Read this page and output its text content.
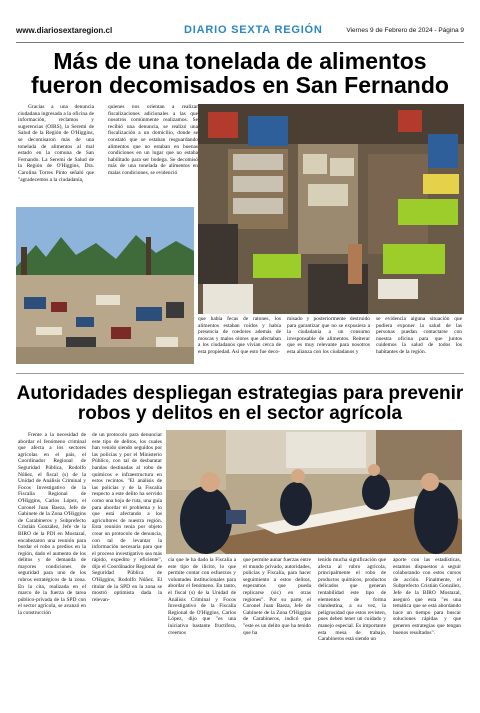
www.diariosextaregion.cl	DIARIO SEXTA REGIÓN	Viernes 9 de Febrero de 2024 - Página 9
Más de una tonelada de alimentos
fueron decomisados en San Fernando

Gracias a una denuncia ciudadana ingresada a la oficina de información, reclamos y sugerencias (OIRS), la Seremi de Salud de la Región de O'Higgins, se decomisaron más de una tonelada de alimentos al mal estado en la comuna de San Fernando. La Seremi de Salud de la Región de O'Higgins, Dra. Carolina Torres Pinto señaló que "agradecemos a la ciudadanía,

quienes nos orientan a realizar fiscalizaciones adicionales a las que nosotros comúnmente realizamos. Se recibió una denuncia, se realizó una fiscalización a un domicilio, donde se constató que se estaban resguardando alimentos que no estaban en buenas condiciones en un lugar que no estaba habilitado para ser bodega. Se decomisó más de una tonelada de alimentos en malas condiciones, se evidenció

que había fecas de ratones, los alimentos estaban roídos y había presencia de roedores además de moscas y malos olores que afectaban a los ciudadanos que vivían cerca de esta propiedad. Así que esto fue deco-

misado y posteriormente destruido para garantizar que no se expusiera a la ciudadanía a un consumo irresponsable de alimentos. Reiterar que es muy relevante para nosotros esta alianza con los ciudadanos y

se evidencia alguna situación que pudiera exponer la salud de las personas puedan contactarse con nuestra oficina para que juntos cuidemos la salud de todos los habitantes de la región.

Autoridades despliegan estrategias para prevenir
robos y delitos en el sector agrícola

Frente a la necesidad de abordar el fenómeno criminal que afecta a los sectores agrícolas en el país, el Coordinador Regional de Seguridad Pública, Rodolfo Núñez, el fiscal (s) de la Unidad de Análisis Criminal y Focos Investigativo de la Fiscalía Regional de O'Higgins, Carlos López, el Coronel Juan Baeza, Jefe de Gabinete de la Zona O'Higgins de Carabineros y Subprefecto Cristián González, Jefe de la BIRO de la PDI en Mostazal, encabezaron una reunión para bordar el robo a predios en la región, dado el aumento de los delitos y de demanda de mayores condiciones de seguridad para uno de los rubros estratégicos de la zona. En la cita, realizada en el marco de la fuerza de tarea público-privada de la SPD con el sector agrícola, se avanzó en la construcción

de un protocolo para denunciar este tipo de delitos, los cuales han venido siendo seguidos por las policías y por el Ministerio Público, con tal de desbaratar bandas destinadas al robo de químicos e infraestructura en estos recintos. "El análisis de las policías y de la Fiscalía respecto a este delito ha servido como una hoja de ruta, una guía para abordar el problema y lo que está afectando a los agricultores de nuestra región. Esta reunión tenía por objeto crear un protocolo de denuncia, con tal de levantar la información necesaria para que el proceso investigativo sea más rápido, expedito y eficiente", dijo el Coordinador Regional de Seguridad Pública de O'Higgins, Rodolfo Núñez. El titular de la SPD en la zona se mostró optimista dada la relevan-

cia que le ha dado la Fiscalía a este tipo de ilícito, lo que permite contar con esfuerzos y voluntades institucionales para abordar el fenómeno. En tanto, el fiscal (s) de la Unidad de Análisis Criminal y Focos Investigativo de la Fiscalía Regional de O'Higgins, Carlos López, dijo que "es una iniciativa bastante fructífera, creemos

que permite aunar fuerzas entre el mundo privado, autoridades, policías y Fiscalía, para hacer seguimiento a estos delitos, esperamos que pueda replicarse (sic) en otras regiones". Por su parte, el Coronel Juan Baeza, Jefe de Gabinete de la Zona O'Higgins de Carabineros, indicó que "este es un delito que ha tenido que ha

tenido mucha significación que afecta al rubro agrícola, principalmente el robo de productos químicos, productos delicados que generan rentabilidad este tipo de elementos de forma clandestina, a su vez, la peligrosidad que estos revisten, pues deben tener un cuidado y manejo especial. Es importante esta mesa de trabajo, Carabineros está siendo un

aporte con las estadísticas, estamos dispuestos a seguir colaborando con estos cursos de acción. Finalmente, el Subprefecto Cristián González, Jefe de la BIRO Mostazal, aseguró que esta "es una temática que se está abordando hace un tiempo para buscar soluciones rápidas y que generen estrategias que tengan buenos resultados".
